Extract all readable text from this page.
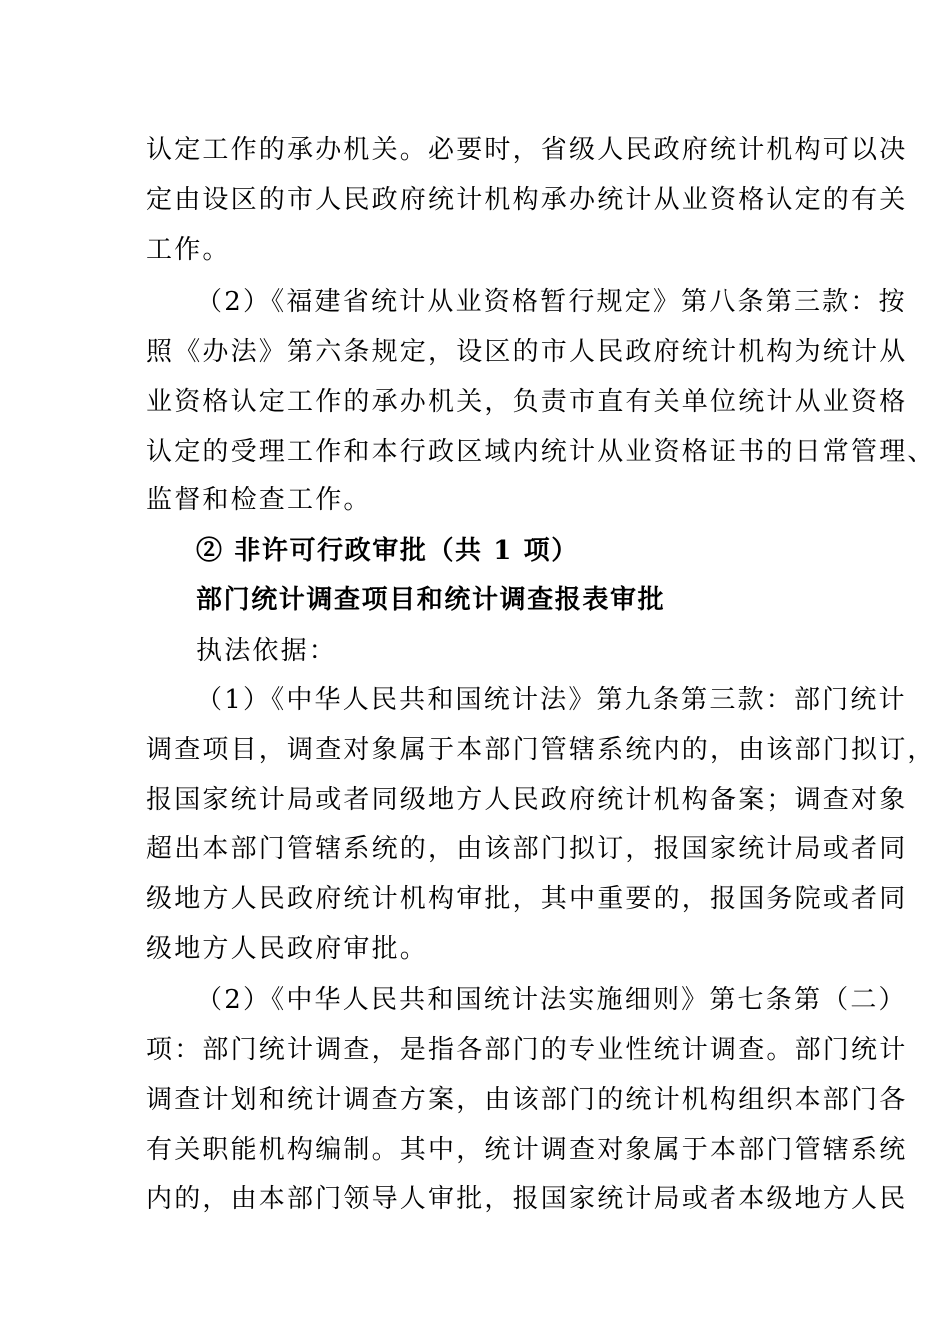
认定工作的承办机关。必要时，省级人民政府统计机构可以决
定由设区的市人民政府统计机构承办统计从业资格认定的有关
工作。
（2）《福建省统计从业资格暂行规定》第八条第三款：按
照《办法》第六条规定，设区的市人民政府统计机构为统计从
业资格认定工作的承办机关，负责市直有关单位统计从业资格
认定的受理工作和本行政区域内统计从业资格证书的日常管理、
监督和检查工作。
② 非许可行政审批（共 1 项）
部门统计调查项目和统计调查报表审批
执法依据：
（1）《中华人民共和国统计法》第九条第三款：部门统计
调查项目，调查对象属于本部门管辖系统内的，由该部门拟订，
报国家统计局或者同级地方人民政府统计机构备案；调查对象
超出本部门管辖系统的，由该部门拟订，报国家统计局或者同
级地方人民政府统计机构审批，其中重要的，报国务院或者同
级地方人民政府审批。
（2）《中华人民共和国统计法实施细则》第七条第（二）
项：部门统计调查，是指各部门的专业性统计调查。部门统计
调查计划和统计调查方案，由该部门的统计机构组织本部门各
有关职能机构编制。其中，统计调查对象属于本部门管辖系统
内的，由本部门领导人审批，报国家统计局或者本级地方人民
